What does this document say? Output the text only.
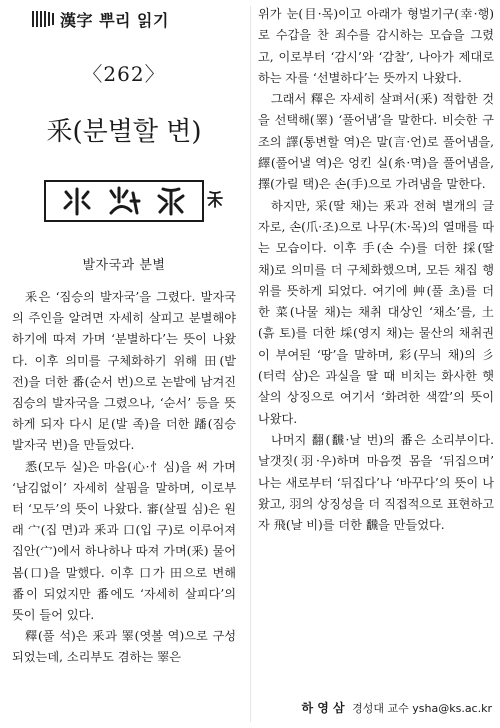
漢字 뿌리 읽기
〈262〉
釆(분별할 변)
발자국과 분별

釆은 ‘짐승의 발자국’을 그렸다. 발자국의 주인을 알려면 자세히 살피고 분별해야 하기에 따져 가며 ‘분별하다’는 뜻이 나왔다. 이후 의미를 구체화하기 위해 田(밭 전)을 더한 番(순서 번)으로 논밭에 남겨진 짐승의 발자국을 그렸으나, ‘순서’ 등을 뜻하게 되자 다시 足(발 족)을 더한 蹯(짐승 발자국 번)을 만들었다.

悉(모두 실)은 마음(心·忄심)을 써 가며 ‘남김없이’ 자세히 살핌을 말하며, 이로부터 ‘모두’의 뜻이 나왔다. 審(살필 심)은 원래 宀(집 면)과 釆과 口(입 구)로 이루어져 집안(宀)에서 하나하나 따져 가며(釆) 물어봄(口)을 말했다. 이후 口가 田으로 변해 番이 되었지만 番에도 ‘자세히 살피다’의 뜻이 들어 있다.

釋(풀 석)은 釆과 睪(엿볼 역)으로 구성되었는데, 소리부도 겸하는 睪은

위가 눈(目·목)이고 아래가 형벌기구(幸·행)로 수갑을 찬 죄수를 감시하는 모습을 그렸고, 이로부터 ‘감시’와 ‘감찰’, 나아가 제대로 하는 자를 ‘선별하다’는 뜻까지 나왔다.

그래서 釋은 자세히 살펴서(釆) 적합한 것을 선택해(睪) ‘풀어냄’을 말한다. 비슷한 구조의 譯(통변할 역)은 말(言·언)로 풀어냄을, 繹(풀어낼 역)은 엉킨 실(糸·멱)을 풀어냄을, 擇(가릴 택)은 손(手)으로 가려냄을 말한다.

하지만, 采(딸 채)는 釆과 전혀 별개의 글자로, 손(爪·조)으로 나무(木·목)의 열매를 따는 모습이다. 이후 手(손 수)를 더한 採(딸 채)로 의미를 더 구체화했으며, 모든 채집 행위를 뜻하게 되었다. 여기에 艸(풀 초)를 더한 菜(나물 채)는 채취 대상인 ‘채소’를, 土(흙 토)를 더한 埰(영지 채)는 물산의 채취권이 부여된 ‘땅’을 말하며, 彩(무늬 채)의 彡(터럭 삼)은 과실을 딸 때 비치는 화사한 햇살의 상징으로 여기서 ‘화려한 색깔’의 뜻이 나왔다.

나머지 翻(飜·날 번)의 番은 소리부이다. 날갯짓(羽·우)하며 마음껏 몸을 ‘뒤집으며’ 나는 새로부터 ‘뒤집다’나 ‘바꾸다’의 뜻이 나왔고, 羽의 상징성을 더 직접적으로 표현하고자 飛(날 비)를 더한 飜을 만들었다.

하 영 삼 경성대 교수 ysha@ks.ac.kr
